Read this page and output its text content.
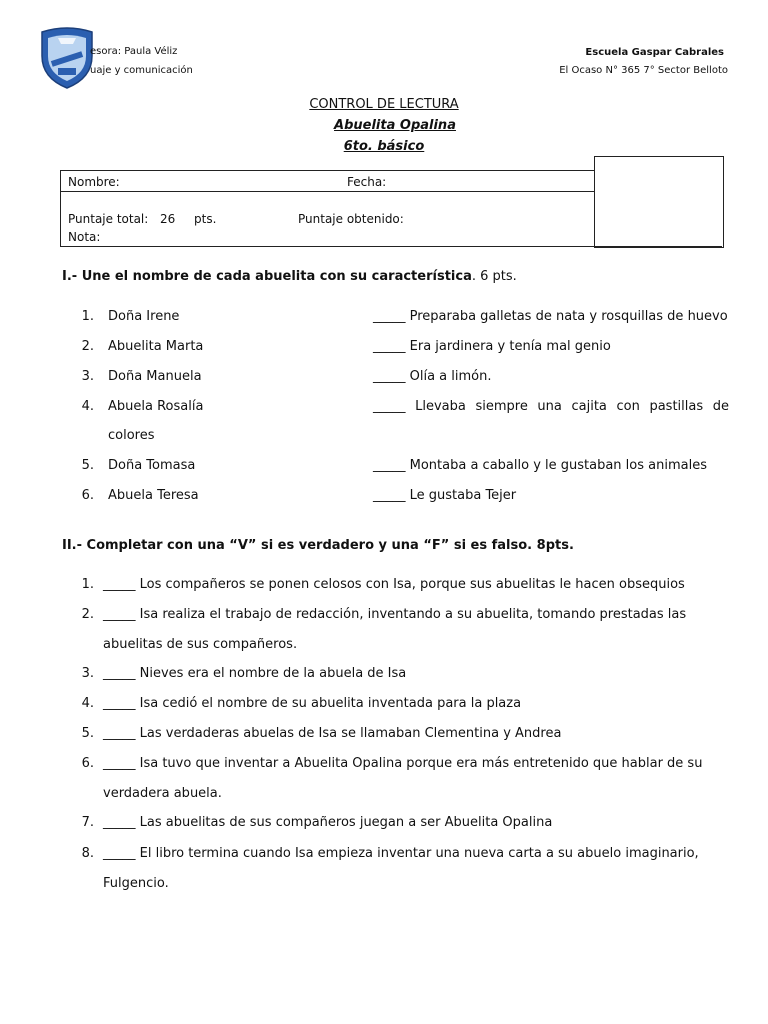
esora: Paula Véliz
uaje y comunicación
Escuela Gaspar Cabrales
El Ocaso N° 365 7° Sector Belloto
CONTROL DE LECTURA
Abuelita Opalina
6to. básico
Nombre:	Fecha:
Puntaje total: 26 pts.	Puntaje obtenido:
Nota:
I.- Une el nombre de cada abuelita con su característica. 6 pts.
1. Doña Irene
2. Abuelita Marta
3. Doña Manuela
4. Abuela Rosalía
colores
5. Doña Tomasa
6. Abuela Teresa
_____ Preparaba galletas de nata y rosquillas de huevo
_____ Era jardinera y tenía mal genio
_____ Olía a limón.
_____ Llevaba siempre una cajita con pastillas de
_____ Montaba a caballo y le gustaban los animales
_____ Le gustaba Tejer
II.- Completar con una “V” si es verdadero y una “F” si es falso. 8pts.
1. _____ Los compañeros se ponen celosos con Isa, porque sus abuelitas le hacen obsequios
2. _____ Isa realiza el trabajo de redacción, inventando a su abuelita, tomando prestadas las
abuelitas de sus compañeros.
3. _____ Nieves era el nombre de la abuela de Isa
4. _____ Isa cedió el nombre de su abuelita inventada para la plaza
5. _____ Las verdaderas abuelas de Isa se llamaban Clementina y Andrea
6. _____ Isa tuvo que inventar a Abuelita Opalina porque era más entretenido que hablar de su
verdadera abuela.
7. _____ Las abuelitas de sus compañeros juegan a ser Abuelita Opalina
8. _____ El libro termina cuando Isa empieza inventar una nueva carta a su abuelo imaginario,
Fulgencio.
